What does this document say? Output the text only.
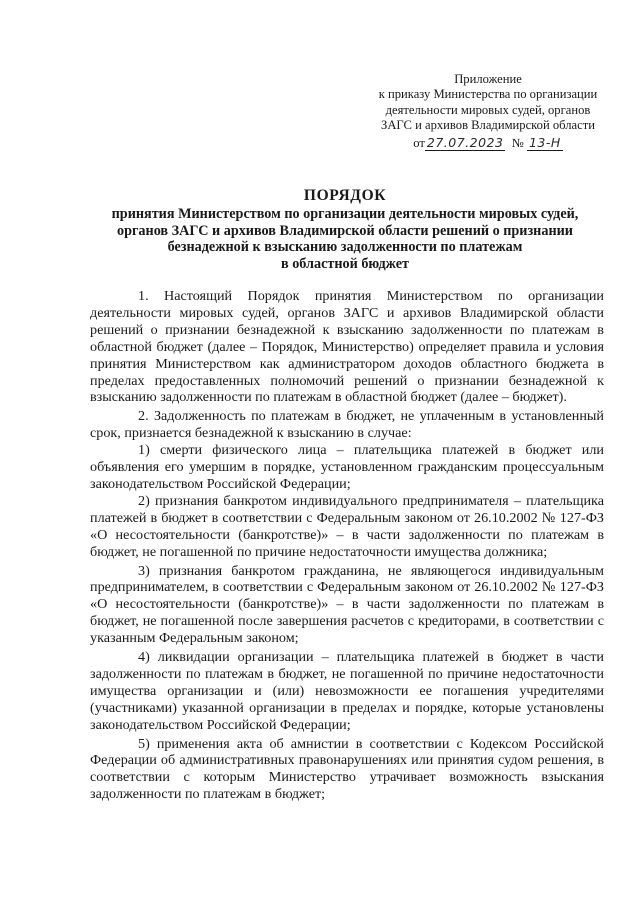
Приложение
к приказу Министерства по организации
деятельности мировых судей, органов
ЗАГС и архивов Владимирской области
от 27.07.2023 № 13-Н
ПОРЯДОК
принятия Министерством по организации деятельности мировых судей,
органов ЗАГС и архивов Владимирской области решений о признании
безнадежной к взысканию задолженности по платежам
в областной бюджет

1. Настоящий Порядок принятия Министерством по организации деятельности мировых судей, органов ЗАГС и архивов Владимирской области решений о признании безнадежной к взысканию задолженности по платежам в областной бюджет (далее – Порядок, Министерство) определяет правила и условия принятия Министерством как администратором доходов областного бюджета в пределах предоставленных полномочий решений о признании безнадежной к взысканию задолженности по платежам в областной бюджет (далее – бюджет).

2. Задолженность по платежам в бюджет, не уплаченным в установленный срок, признается безнадежной к взысканию в случае:

1) смерти физического лица – плательщика платежей в бюджет или объявления его умершим в порядке, установленном гражданским процессуальным законодательством Российской Федерации;

2) признания банкротом индивидуального предпринимателя – плательщика платежей в бюджет в соответствии с Федеральным законом от 26.10.2002 № 127-ФЗ «О несостоятельности (банкротстве)» – в части задолженности по платежам в бюджет, не погашенной по причине недостаточности имущества должника;

3) признания банкротом гражданина, не являющегося индивидуальным предпринимателем, в соответствии с Федеральным законом от 26.10.2002 № 127-ФЗ «О несостоятельности (банкротстве)» – в части задолженности по платежам в бюджет, не погашенной после завершения расчетов с кредиторами, в соответствии с указанным Федеральным законом;

4) ликвидации организации – плательщика платежей в бюджет в части задолженности по платежам в бюджет, не погашенной по причине недостаточности имущества организации и (или) невозможности ее погашения учредителями (участниками) указанной организации в пределах и порядке, которые установлены законодательством Российской Федерации;

5) применения акта об амнистии в соответствии с Кодексом Российской Федерации об административных правонарушениях или принятия судом решения, в соответствии с которым Министерство утрачивает возможность взыскания задолженности по платежам в бюджет;
